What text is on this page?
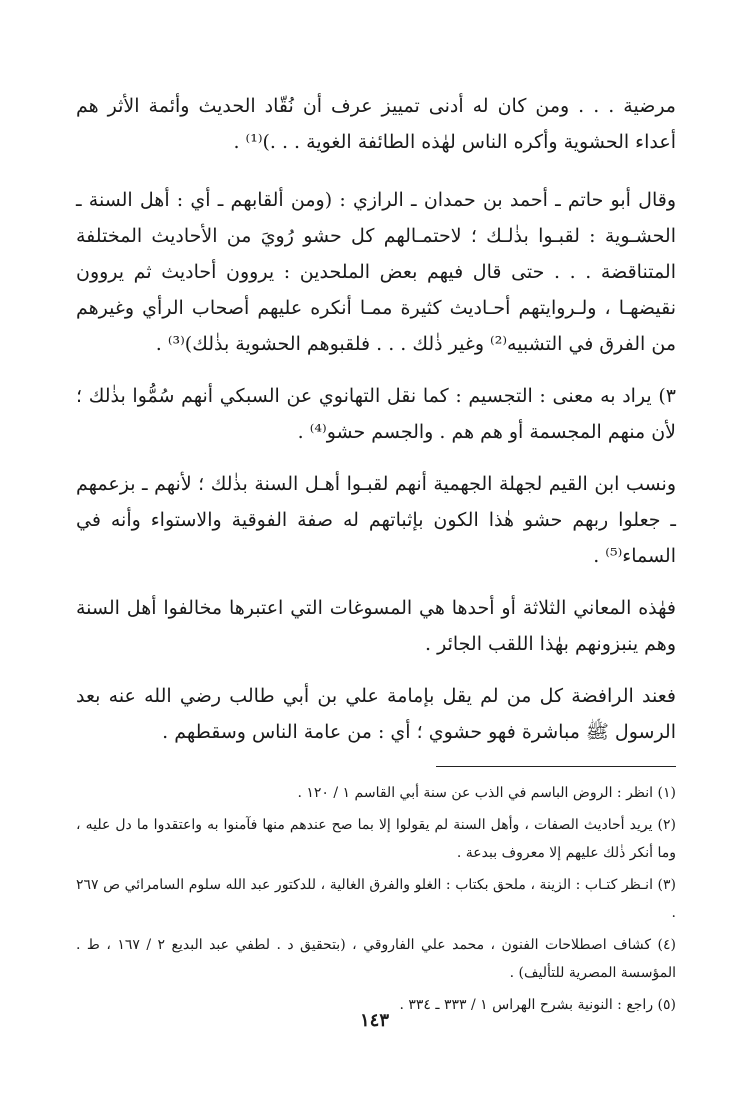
مرضية . . . ومن كان له أدنى تمييز عرف أن نُقّاد الحديث وأئمة الأثر هم أعداء الحشوية وأكره الناس لهٰذه الطائفة الغوية . . .)⁽¹⁾ .

وقال أبو حاتم ـ أحمد بن حمدان ـ الرازي : (ومن ألقابهم ـ أي : أهل السنة ـ الحشـوية : لقبـوا بذٰلـك ؛ لاحتمـالهم كل حشو رُويَ من الأحاديث المختلفة المتناقضة . . . حتى قال فيهم بعض الملحدين : يروون أحاديث ثم يروون نقيضهـا ، ولـروايتهم أحـاديث كثيرة ممـا أنكره عليهم أصحاب الرأي وغيرهم من الفرق في التشبيه⁽²⁾ وغير ذٰلك . . . فلقبوهم الحشوية بذٰلك)⁽³⁾ .

٣) يراد به معنى : التجسيم : كما نقل التهانوي عن السبكي أنهم سُمُّوا بذٰلك ؛ لأن منهم المجسمة أو هم هم . والجسم حشو⁽⁴⁾ .

ونسب ابن القيم لجهلة الجهمية أنهم لقبـوا أهـل السنة بذٰلك ؛ لأنهم ـ بزعمهم ـ جعلوا ربهم حشو هٰذا الكون بإثباتهم له صفة الفوقية والاستواء وأنه في السماء⁽⁵⁾ .

فهٰذه المعاني الثلاثة أو أحدها هي المسوغات التي اعتبرها مخالفوا أهل السنة وهم ينبزونهم بهٰذا اللقب الجائر .

فعند الرافضة كل من لم يقل بإمامة علي بن أبي طالب رضي الله عنه بعد الرسول ﷺ مباشرة فهو حشوي ؛ أي : من عامة الناس وسقطهم .

(١) انظر : الروض الباسم في الذب عن سنة أبي القاسم ١ / ١٢٠ .

(٢) يريد أحاديث الصفات ، وأهل السنة لم يقولوا إلا بما صح عندهم منها فآمنوا به واعتقدوا ما دل عليه ، وما أنكر ذٰلك عليهم إلا معروف ببدعة .

(٣) انـظر كتـاب : الزينة ، ملحق بكتاب : الغلو والفرق الغالية ، للدكتور عبد الله سلوم السامرائي ص ٢٦٧ .

(٤) كشاف اصطلاحات الفنون ، محمد علي الفاروقي ، (بتحقيق د . لطفي عبد البديع ٢ / ١٦٧ ، ط . المؤسسة المصرية للتأليف) .

(٥) راجع : النونية بشرح الهراس ١ / ٣٣٣ ـ ٣٣٤ .

١٤٣
